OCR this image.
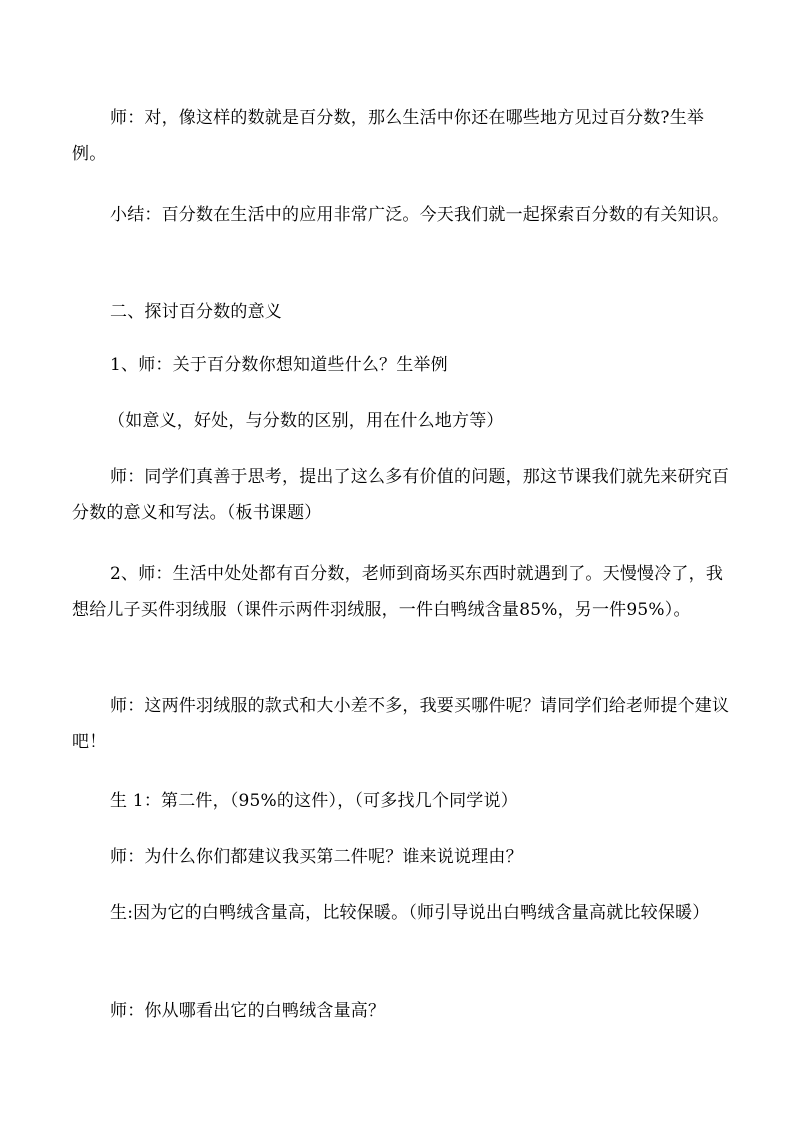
师：对，像这样的数就是百分数，那么生活中你还在哪些地方见过百分数?生举例。

小结：百分数在生活中的应用非常广泛。今天我们就一起探索百分数的有关知识。

二、探讨百分数的意义

1、师：关于百分数你想知道些什么？生举例

（如意义，好处，与分数的区别，用在什么地方等）

师：同学们真善于思考，提出了这么多有价值的问题，那这节课我们就先来研究百分数的意义和写法。（板书课题）

2、师：生活中处处都有百分数，老师到商场买东西时就遇到了。天慢慢冷了，我想给儿子买件羽绒服（课件示两件羽绒服，一件白鸭绒含量85%，另一件95%）。

师：这两件羽绒服的款式和大小差不多，我要买哪件呢？请同学们给老师提个建议吧！

生 1：第二件，（95%的这件），（可多找几个同学说）

师：为什么你们都建议我买第二件呢？谁来说说理由？

生:因为它的白鸭绒含量高，比较保暖。（师引导说出白鸭绒含量高就比较保暖）

师：你从哪看出它的白鸭绒含量高？
